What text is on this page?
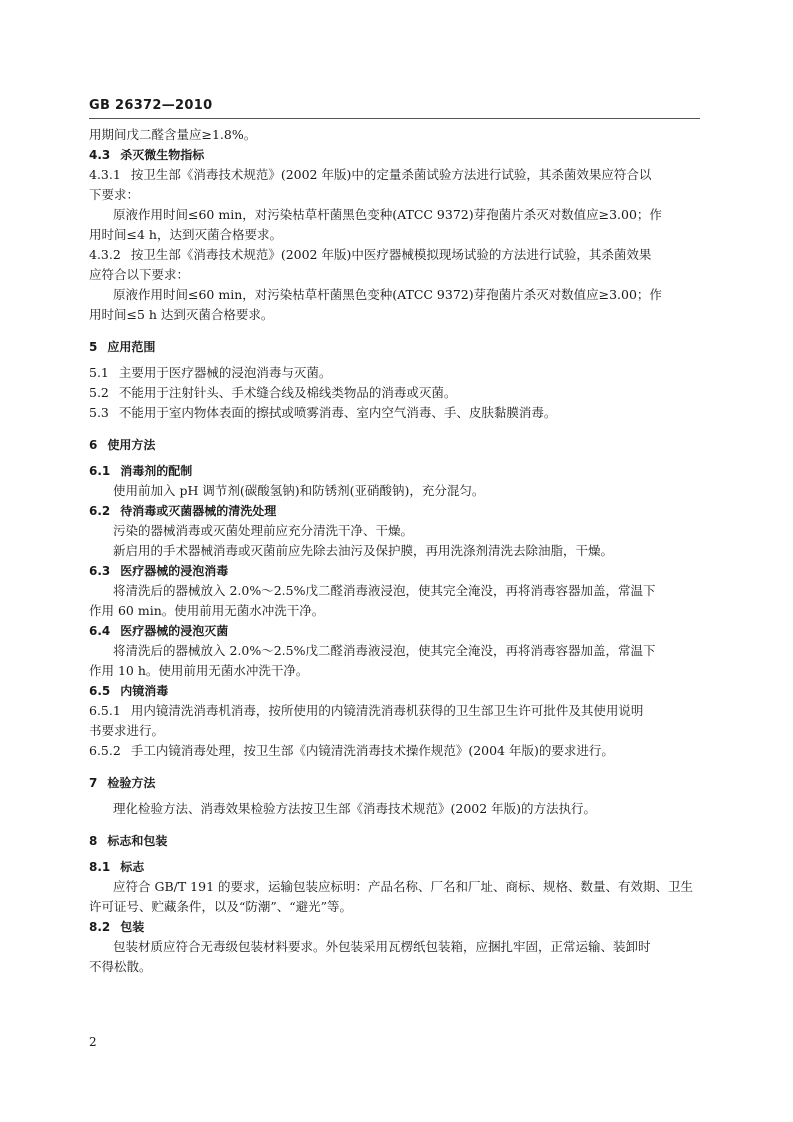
GB 26372—2010
用期间戊二醛含量应≥1.8%。
4.3 杀灭微生物指标
4.3.1 按卫生部《消毒技术规范》(2002 年版)中的定量杀菌试验方法进行试验，其杀菌效果应符合以
下要求：
原液作用时间≤60 min，对污染枯草杆菌黑色变种(ATCC 9372)芽孢菌片杀灭对数值应≥3.00；作
用时间≤4 h，达到灭菌合格要求。
4.3.2 按卫生部《消毒技术规范》(2002 年版)中医疗器械模拟现场试验的方法进行试验，其杀菌效果
应符合以下要求：
原液作用时间≤60 min，对污染枯草杆菌黑色变种(ATCC 9372)芽孢菌片杀灭对数值应≥3.00；作
用时间≤5 h 达到灭菌合格要求。
5 应用范围
5.1 主要用于医疗器械的浸泡消毒与灭菌。
5.2 不能用于注射针头、手术缝合线及棉线类物品的消毒或灭菌。
5.3 不能用于室内物体表面的擦拭或喷雾消毒、室内空气消毒、手、皮肤黏膜消毒。
6 使用方法
6.1 消毒剂的配制
使用前加入 pH 调节剂(碳酸氢钠)和防锈剂(亚硝酸钠)，充分混匀。
6.2 待消毒或灭菌器械的清洗处理
污染的器械消毒或灭菌处理前应充分清洗干净、干燥。
新启用的手术器械消毒或灭菌前应先除去油污及保护膜，再用洗涤剂清洗去除油脂，干燥。
6.3 医疗器械的浸泡消毒
将清洗后的器械放入 2.0%～2.5%戊二醛消毒液浸泡，使其完全淹没，再将消毒容器加盖，常温下
作用 60 min。使用前用无菌水冲洗干净。
6.4 医疗器械的浸泡灭菌
将清洗后的器械放入 2.0%～2.5%戊二醛消毒液浸泡，使其完全淹没，再将消毒容器加盖，常温下
作用 10 h。使用前用无菌水冲洗干净。
6.5 内镜消毒
6.5.1 用内镜清洗消毒机消毒，按所使用的内镜清洗消毒机获得的卫生部卫生许可批件及其使用说明
书要求进行。
6.5.2 手工内镜消毒处理，按卫生部《内镜清洗消毒技术操作规范》(2004 年版)的要求进行。
7 检验方法
理化检验方法、消毒效果检验方法按卫生部《消毒技术规范》(2002 年版)的方法执行。
8 标志和包装
8.1 标志
应符合 GB/T 191 的要求，运输包装应标明：产品名称、厂名和厂址、商标、规格、数量、有效期、卫生
许可证号、贮藏条件，以及“防潮”、“避光”等。
8.2 包装
包装材质应符合无毒级包装材料要求。外包装采用瓦楞纸包装箱，应捆扎牢固，正常运输、装卸时
不得松散。
2
